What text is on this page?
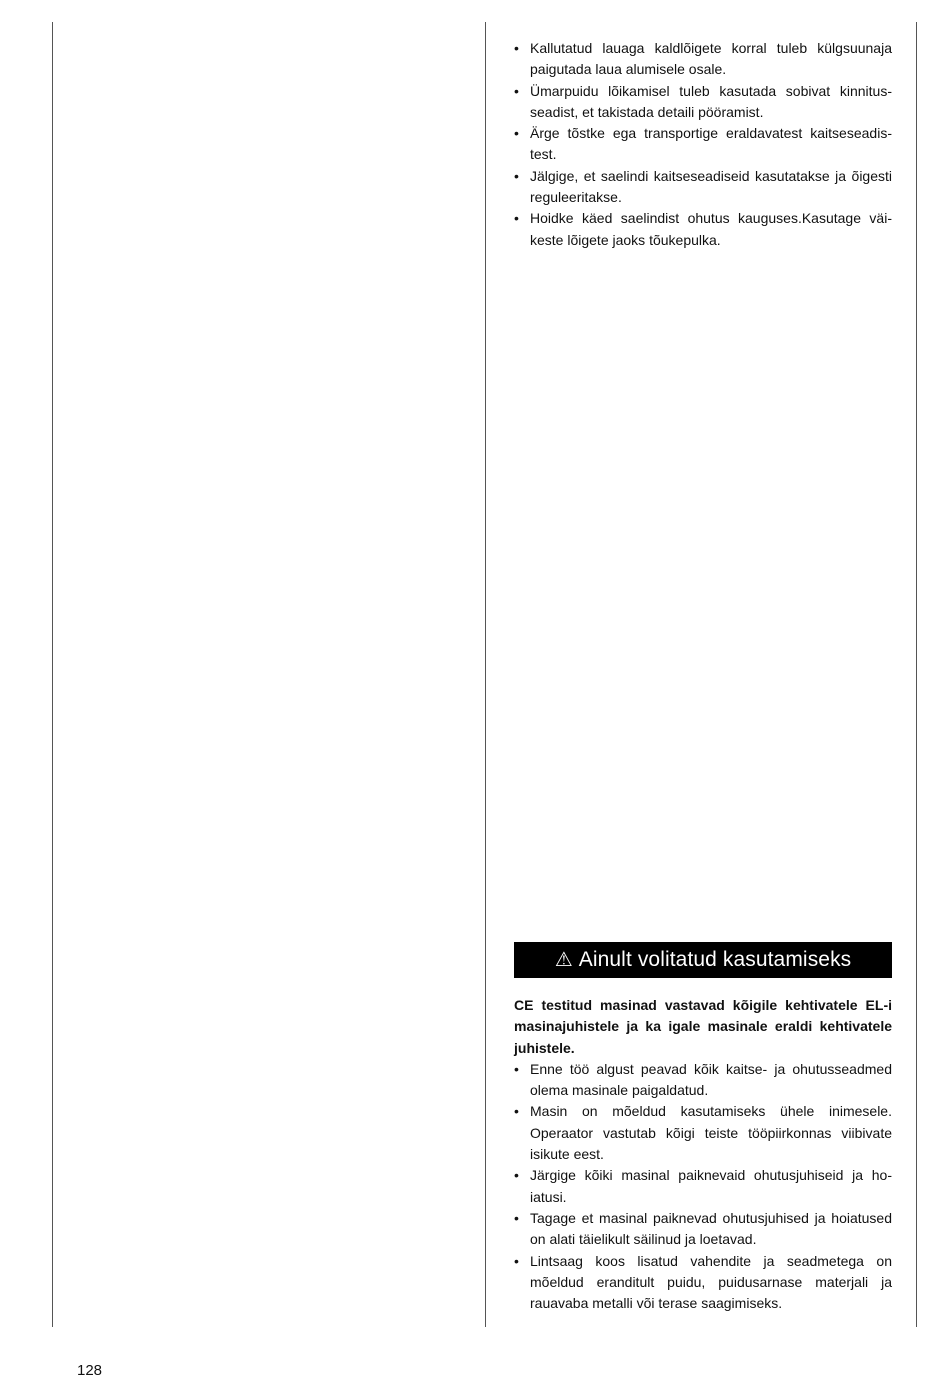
• Kallutatud lauaga kaldlõigete korral tuleb külgsuunaja paigutada laua alumisele osale.
• Ümarpuidu lõikamisel tuleb kasutada sobivat kinnitusseadist, et takistada detaili pööramist.
• Ärge tõstke ega transportige eraldavatest kaitseseadistest.
• Jälgige, et saelindi kaitseseadiseid kasutatakse ja õigesti reguleeritakse.
• Hoidke käed saelindist ohutus kauguses.Kasutage väikeste lõigete jaoks tõukepulka.
⚠ Ainult volitatud kasutamiseks

CE testitud masinad vastavad kõigile kehtivatele EL-i masinajuhistele ja ka igale masinale eraldi kehtivatele juhistele.

• Enne töö algust peavad kõik kaitse- ja ohutusseadmed olema masinale paigaldatud.
• Masin on mõeldud kasutamiseks ühele inimesele. Operaator vastutab kõigi teiste tööpiirkonnas viibivate isikute eest.
• Järgige kõiki masinal paiknevaid ohutusjuhiseid ja hoiatusi.
• Tagage et masinal paiknevad ohutusjuhised ja hoiatused on alati täielikult säilinud ja loetavad.
• Lintsaag koos lisatud vahendite ja seadmetega on mõeldud eranditult puidu, puidusarnase materjali ja rauavaba metalli või terase saagimiseks.
128
